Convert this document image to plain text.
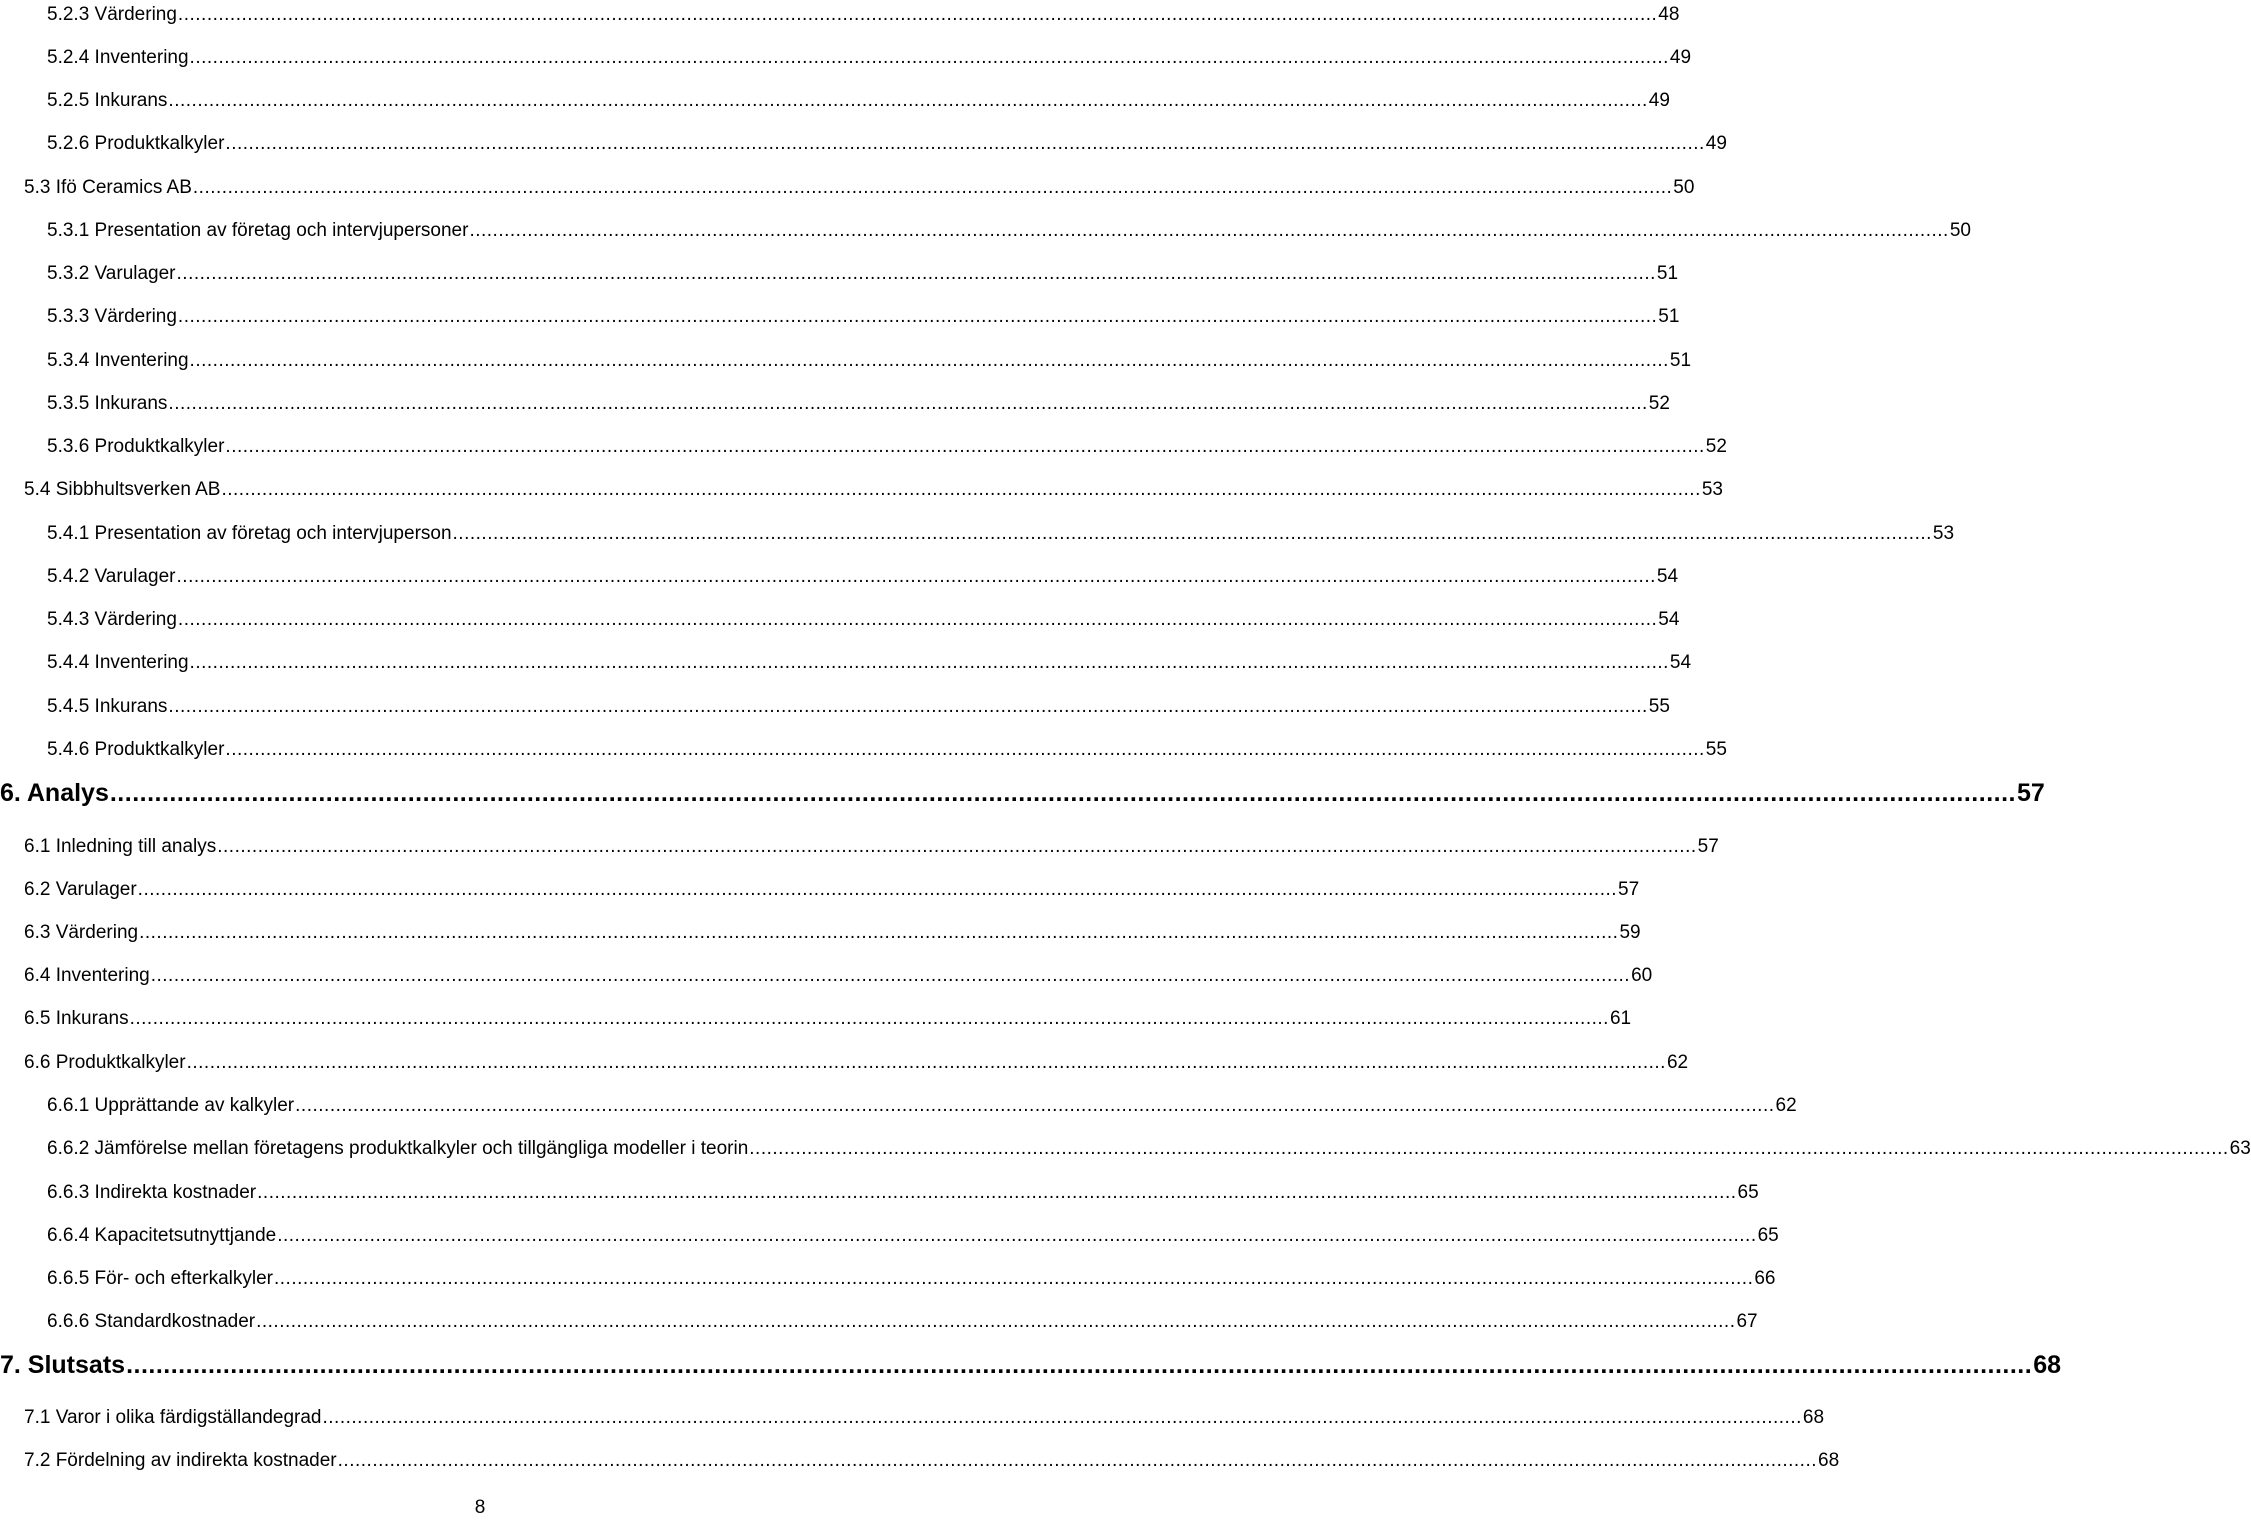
5.2.3 Värdering ................................................................................................................................................................................................................................................................ 48
5.2.4 Inventering ................................................................................................................................................................................................................................................................ 49
5.2.5 Inkurans ................................................................................................................................................................................................................................................................ 49
5.2.6 Produktkalkyler ................................................................................................................................................................................................................................................................ 49
5.3 Ifö Ceramics AB ................................................................................................................................................................................................................................................................ 50
5.3.1 Presentation av företag och intervjupersoner ................................................................................................................................................................................................................................................................ 50
5.3.2 Varulager ................................................................................................................................................................................................................................................................ 51
5.3.3 Värdering ................................................................................................................................................................................................................................................................ 51
5.3.4 Inventering ................................................................................................................................................................................................................................................................ 51
5.3.5 Inkurans ................................................................................................................................................................................................................................................................ 52
5.3.6 Produktkalkyler ................................................................................................................................................................................................................................................................ 52
5.4 Sibbhultsverken AB ................................................................................................................................................................................................................................................................ 53
5.4.1 Presentation av företag och intervjuperson ................................................................................................................................................................................................................................................................ 53
5.4.2 Varulager ................................................................................................................................................................................................................................................................ 54
5.4.3 Värdering ................................................................................................................................................................................................................................................................ 54
5.4.4 Inventering ................................................................................................................................................................................................................................................................ 54
5.4.5 Inkurans ................................................................................................................................................................................................................................................................ 55
5.4.6 Produktkalkyler ................................................................................................................................................................................................................................................................ 55
6. Analys ................................................................................................................................................................................................................................................................ 57
6.1 Inledning till analys ................................................................................................................................................................................................................................................................ 57
6.2 Varulager ................................................................................................................................................................................................................................................................ 57
6.3 Värdering ................................................................................................................................................................................................................................................................ 59
6.4 Inventering ................................................................................................................................................................................................................................................................ 60
6.5 Inkurans ................................................................................................................................................................................................................................................................ 61
6.6 Produktkalkyler ................................................................................................................................................................................................................................................................ 62
6.6.1 Upprättande av kalkyler ................................................................................................................................................................................................................................................................ 62
6.6.2 Jämförelse mellan företagens produktkalkyler och tillgängliga modeller i teorin ................................................................................................................................................................................................................................................................ 63
6.6.3 Indirekta kostnader ................................................................................................................................................................................................................................................................ 65
6.6.4 Kapacitetsutnyttjande ................................................................................................................................................................................................................................................................ 65
6.6.5 För- och efterkalkyler ................................................................................................................................................................................................................................................................ 66
6.6.6 Standardkostnader ................................................................................................................................................................................................................................................................ 67
7. Slutsats ................................................................................................................................................................................................................................................................ 68
7.1 Varor i olika färdigställandegrad ................................................................................................................................................................................................................................................................ 68
7.2 Fördelning av indirekta kostnader ................................................................................................................................................................................................................................................................ 68
8
